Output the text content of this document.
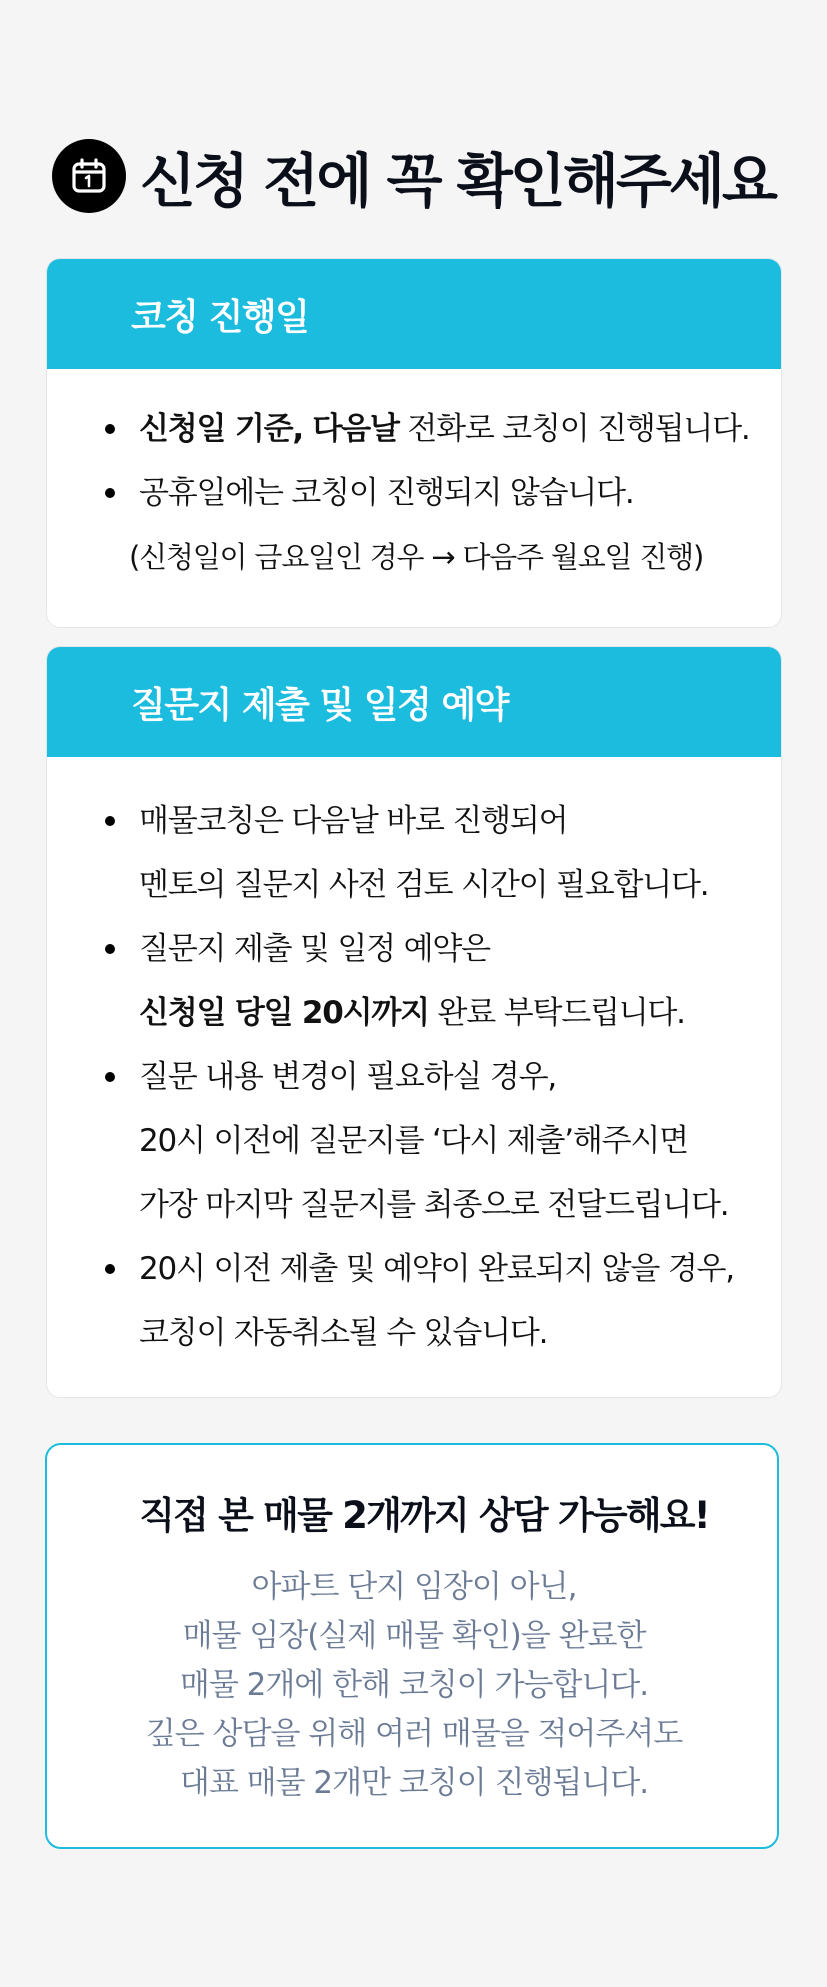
신청 전에 꼭 확인해주세요
코칭 진행일
신청일 기준, 다음날 전화로 코칭이 진행됩니다.
공휴일에는 코칭이 진행되지 않습니다.
(신청일이 금요일인 경우 → 다음주 월요일 진행)
질문지 제출 및 일정 예약
매물코칭은 다음날 바로 진행되어
멘토의 질문지 사전 검토 시간이 필요합니다.
질문지 제출 및 일정 예약은
신청일 당일 20시까지 완료 부탁드립니다.
질문 내용 변경이 필요하실 경우,
20시 이전에 질문지를 ‘다시 제출’해주시면
가장 마지막 질문지를 최종으로 전달드립니다.
20시 이전 제출 및 예약이 완료되지 않을 경우,
코칭이 자동취소될 수 있습니다.
직접 본 매물 2개까지 상담 가능해요!
아파트 단지 임장이 아닌,
매물 임장(실제 매물 확인)을 완료한
매물 2개에 한해 코칭이 가능합니다.
깊은 상담을 위해 여러 매물을 적어주셔도
대표 매물 2개만 코칭이 진행됩니다.
